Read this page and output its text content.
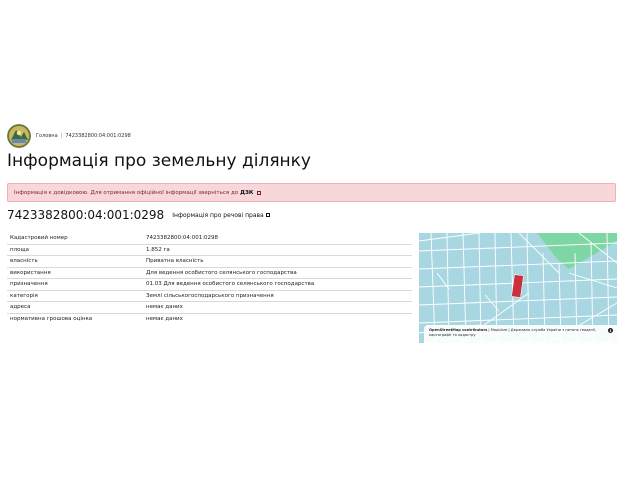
Головна | 7423382800:04:001:0298
Інформація про земельну ділянку
Інформація є довідковою. Для отримання офіційної інформації зверніться до ДЗК
7423382800:04:001:0298 Інформація про речові права
Кадастровий номер	7423382800:04:001:0298
площа	1.852 га
власність	Приватна власність
використання	Для ведення особистого селянського господарства
призначення	01.03 Для ведення особистого селянського господарства
категорія	Землі сільськогосподарського призначення
адреса	немає даних
нормативна грошова оцінка	немає даних
OpenStreetMap contributors | MapLibre | Державна служба України з питань геодезії, картографії та кадастру
i
